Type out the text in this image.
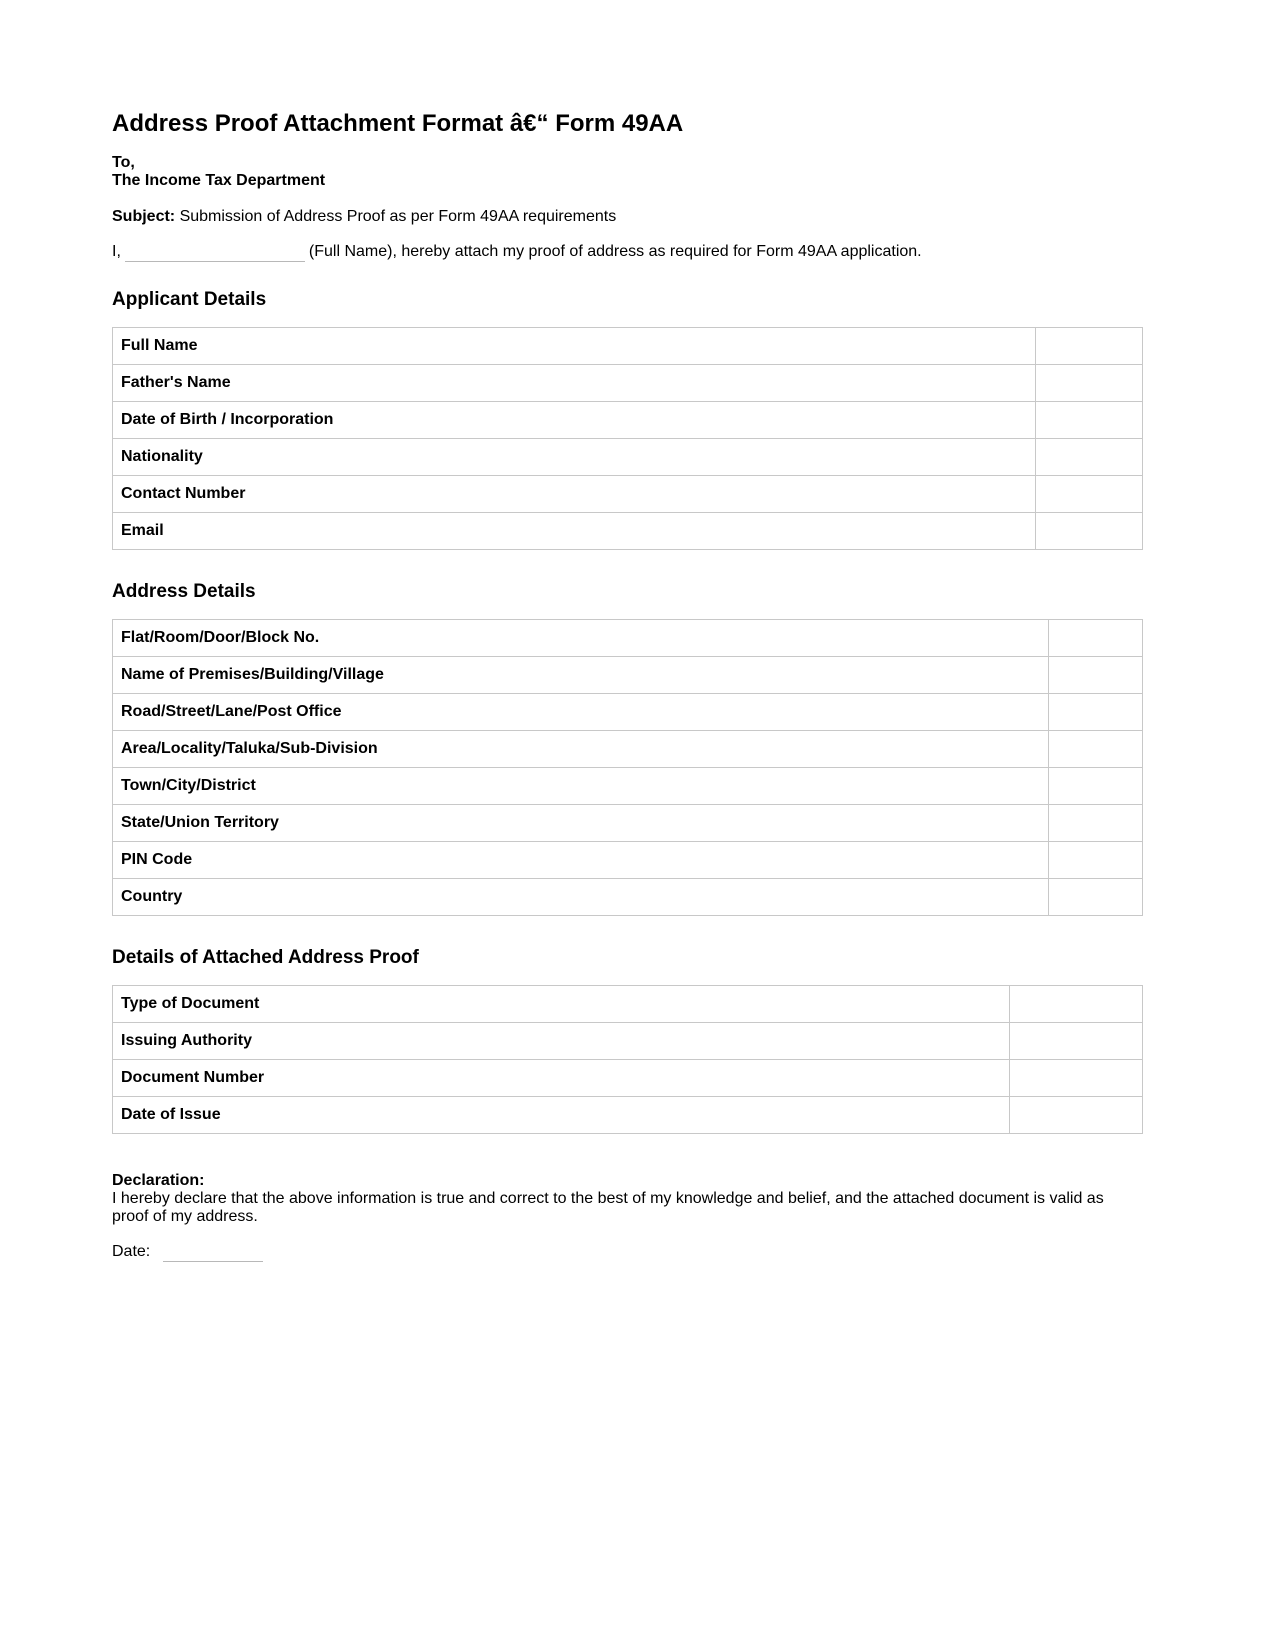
Address Proof Attachment Format â€“ Form 49AA
To,
The Income Tax Department
Subject: Submission of Address Proof as per Form 49AA requirements
I,	(Full Name), hereby attach my proof of address as required for Form 49AA application.
Applicant Details
Full Name	
Father's Name	
Date of Birth / Incorporation	
Nationality	
Contact Number	
Email	
Address Details
Flat/Room/Door/Block No.	
Name of Premises/Building/Village	
Road/Street/Lane/Post Office	
Area/Locality/Taluka/Sub-Division	
Town/City/District	
State/Union Territory	
PIN Code	
Country	
Details of Attached Address Proof
Type of Document	
Issuing Authority	
Document Number	
Date of Issue	
Declaration:
I hereby declare that the above information is true and correct to the best of my knowledge and belief, and the attached document is valid as proof of my address.
Date:
